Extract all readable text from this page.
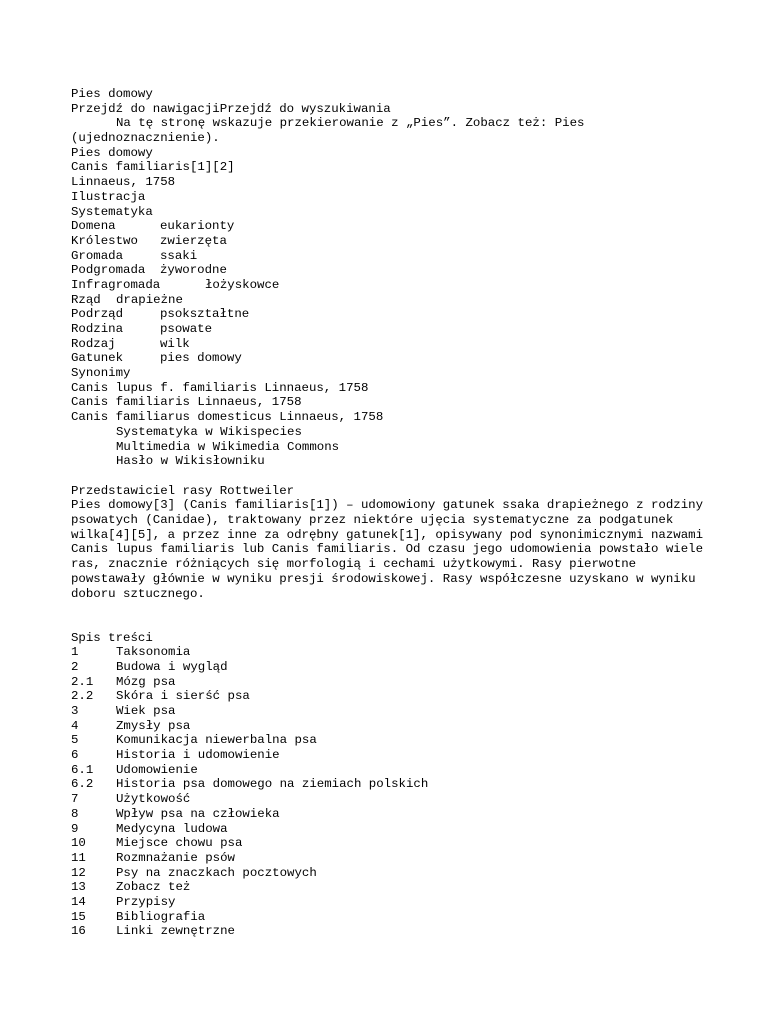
Pies domowy
Przejdź do nawigacjiPrzejdź do wyszukiwania
Na tę stronę wskazuje przekierowanie z „Pies”. Zobacz też: Pies (ujednoznacznienie).
Pies domowy
Canis familiaris[1][2]
Linnaeus, 1758
Ilustracja
Systematyka
Domena	eukarionty
Królestwo	zwierzęta
Gromada	ssaki
Podgromada	żyworodne
Infragromada	łożyskowce
Rząd	drapieżne
Podrząd	psokształtne
Rodzina	psowate
Rodzaj	wilk
Gatunek	pies domowy
Synonimy
Canis lupus f. familiaris Linnaeus, 1758
Canis familiaris Linnaeus, 1758
Canis familiarus domesticus Linnaeus, 1758
Systematyka w Wikispecies
Multimedia w Wikimedia Commons
Hasło w Wikisłowniku
Przedstawiciel rasy Rottweiler
Pies domowy[3] (Canis familiaris[1]) – udomowiony gatunek ssaka drapieżnego z rodziny psowatych (Canidae), traktowany przez niektóre ujęcia systematyczne za podgatunek wilka[4][5], a przez inne za odrębny gatunek[1], opisywany pod synonimicznymi nazwami Canis lupus familiaris lub Canis familiaris. Od czasu jego udomowienia powstało wiele ras, znacznie różniących się morfologią i cechami użytkowymi. Rasy pierwotne powstawały głównie w wyniku presji środowiskowej. Rasy współczesne uzyskano w wyniku doboru sztucznego.
Spis treści
1	Taksonomia
2	Budowa i wygląd
2.1	Mózg psa
2.2	Skóra i sierść psa
3	Wiek psa
4	Zmysły psa
5	Komunikacja niewerbalna psa
6	Historia i udomowienie
6.1	Udomowienie
6.2	Historia psa domowego na ziemiach polskich
7	Użytkowość
8	Wpływ psa na człowieka
9	Medycyna ludowa
10	Miejsce chowu psa
11	Rozmnażanie psów
12	Psy na znaczkach pocztowych
13	Zobacz też
14	Przypisy
15	Bibliografia
16	Linki zewnętrzne
